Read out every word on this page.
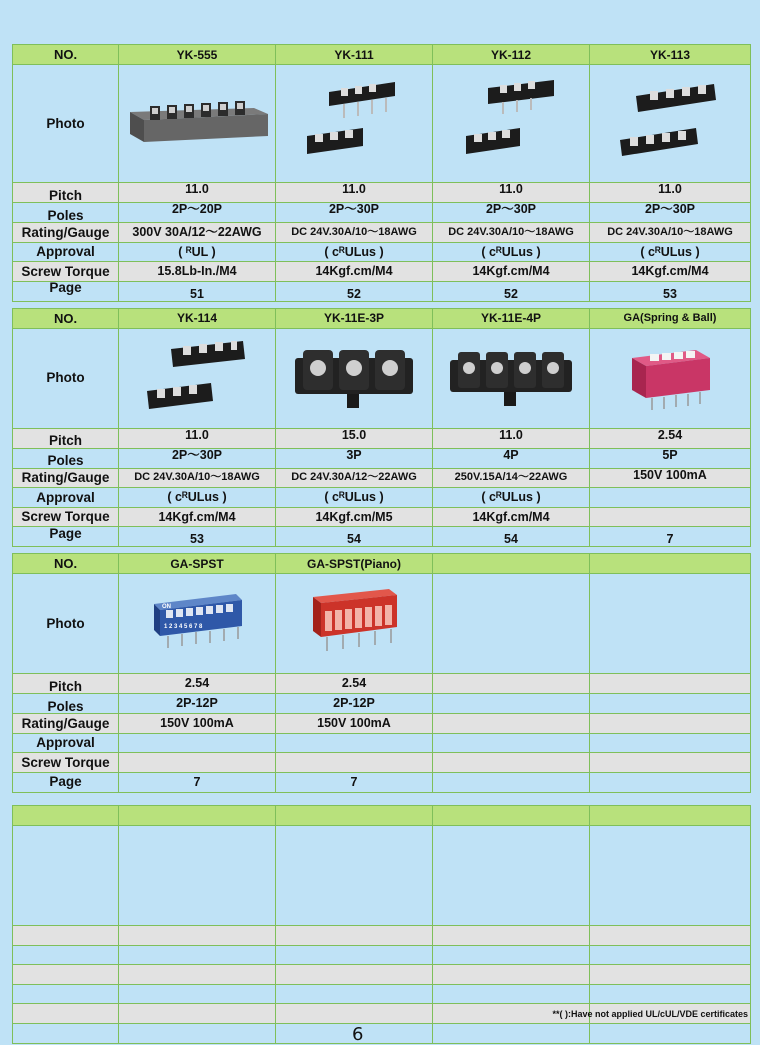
NO.	YK-555	YK-111	YK-112	YK-113
Photo	

Pitch	11.0	11.0	11.0	11.0
Poles	2P～20P	2P～30P	2P～30P	2P～30P
Rating/Gauge	300V 30A/12～22AWG	DC 24V.30A/10～18AWG	DC 24V.30A/10～18AWG	DC 24V.30A/10～18AWG
Approval	( ᴿUL )	( cᴿULus )	( cᴿULus )	( cᴿULus )
Screw Torque	15.8Lb-In./M4	14Kgf.cm/M4	14Kgf.cm/M4	14Kgf.cm/M4
Page	51	52	52	53
NO.	YK-114	YK-11E-3P	YK-11E-4P	GA(Spring & Ball)
Photo	

Pitch	11.0	15.0	11.0	2.54
Poles	2P～30P	3P	4P	5P
Rating/Gauge	DC 24V.30A/10～18AWG	DC 24V.30A/12～22AWG	250V.15A/14～22AWG	150V 100mA
Approval	( cᴿULus )	( cᴿULus )	( cᴿULus )	
Screw Torque	14Kgf.cm/M4	14Kgf.cm/M5	14Kgf.cm/M4	
Page	53	54	54	7
NO.	GA-SPST	GA-SPST(Piano)		
Photo	ON
1 2 3 4 5 6 7 8

Pitch	2.54	2.54		
Poles	2P-12P	2P-12P		
Rating/Gauge	150V 100mA	150V 100mA		
Approval				
Screw Torque				
Page	7	7		

**( ):Have not applied UL/cUL/VDE certificates
6
